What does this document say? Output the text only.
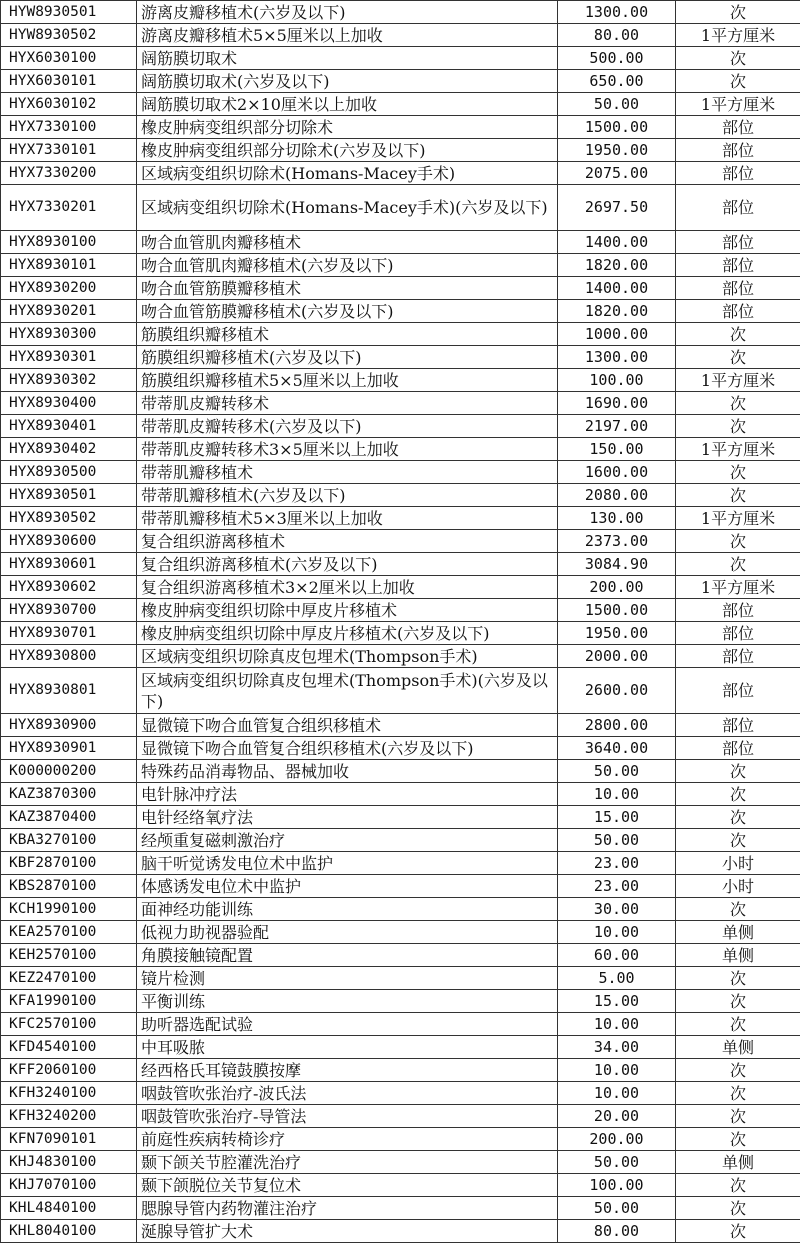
HYW8930501	游离皮瓣移植术(六岁及以下)	1300.00	次
HYW8930502	游离皮瓣移植术5×5厘米以上加收	80.00	1平方厘米
HYX6030100	阔筋膜切取术	500.00	次
HYX6030101	阔筋膜切取术(六岁及以下)	650.00	次
HYX6030102	阔筋膜切取术2×10厘米以上加收	50.00	1平方厘米
HYX7330100	橡皮肿病变组织部分切除术	1500.00	部位
HYX7330101	橡皮肿病变组织部分切除术(六岁及以下)	1950.00	部位
HYX7330200	区域病变组织切除术(Homans-Macey手术)	2075.00	部位
HYX7330201	区域病变组织切除术(Homans-Macey手术)(六岁及以下)	2697.50	部位
HYX8930100	吻合血管肌肉瓣移植术	1400.00	部位
HYX8930101	吻合血管肌肉瓣移植术(六岁及以下)	1820.00	部位
HYX8930200	吻合血管筋膜瓣移植术	1400.00	部位
HYX8930201	吻合血管筋膜瓣移植术(六岁及以下)	1820.00	部位
HYX8930300	筋膜组织瓣移植术	1000.00	次
HYX8930301	筋膜组织瓣移植术(六岁及以下)	1300.00	次
HYX8930302	筋膜组织瓣移植术5×5厘米以上加收	100.00	1平方厘米
HYX8930400	带蒂肌皮瓣转移术	1690.00	次
HYX8930401	带蒂肌皮瓣转移术(六岁及以下)	2197.00	次
HYX8930402	带蒂肌皮瓣转移术3×5厘米以上加收	150.00	1平方厘米
HYX8930500	带蒂肌瓣移植术	1600.00	次
HYX8930501	带蒂肌瓣移植术(六岁及以下)	2080.00	次
HYX8930502	带蒂肌瓣移植术5×3厘米以上加收	130.00	1平方厘米
HYX8930600	复合组织游离移植术	2373.00	次
HYX8930601	复合组织游离移植术(六岁及以下)	3084.90	次
HYX8930602	复合组织游离移植术3×2厘米以上加收	200.00	1平方厘米
HYX8930700	橡皮肿病变组织切除中厚皮片移植术	1500.00	部位
HYX8930701	橡皮肿病变组织切除中厚皮片移植术(六岁及以下)	1950.00	部位
HYX8930800	区域病变组织切除真皮包埋术(Thompson手术)	2000.00	部位
HYX8930801	区域病变组织切除真皮包埋术(Thompson手术)(六岁及以下)	2600.00	部位
HYX8930900	显微镜下吻合血管复合组织移植术	2800.00	部位
HYX8930901	显微镜下吻合血管复合组织移植术(六岁及以下)	3640.00	部位
K000000200	特殊药品消毒物品、器械加收	50.00	次
KAZ3870300	电针脉冲疗法	10.00	次
KAZ3870400	电针经络氧疗法	15.00	次
KBA3270100	经颅重复磁刺激治疗	50.00	次
KBF2870100	脑干听觉诱发电位术中监护	23.00	小时
KBS2870100	体感诱发电位术中监护	23.00	小时
KCH1990100	面神经功能训练	30.00	次
KEA2570100	低视力助视器验配	10.00	单侧
KEH2570100	角膜接触镜配置	60.00	单侧
KEZ2470100	镜片检测	5.00	次
KFA1990100	平衡训练	15.00	次
KFC2570100	助听器选配试验	10.00	次
KFD4540100	中耳吸脓	34.00	单侧
KFF2060100	经西格氏耳镜鼓膜按摩	10.00	次
KFH3240100	咽鼓管吹张治疗-波氏法	10.00	次
KFH3240200	咽鼓管吹张治疗-导管法	20.00	次
KFN7090101	前庭性疾病转椅诊疗	200.00	次
KHJ4830100	颞下颌关节腔灌洗治疗	50.00	单侧
KHJ7070100	颞下颌脱位关节复位术	100.00	次
KHL4840100	腮腺导管内药物灌注治疗	50.00	次
KHL8040100	涎腺导管扩大术	80.00	次
